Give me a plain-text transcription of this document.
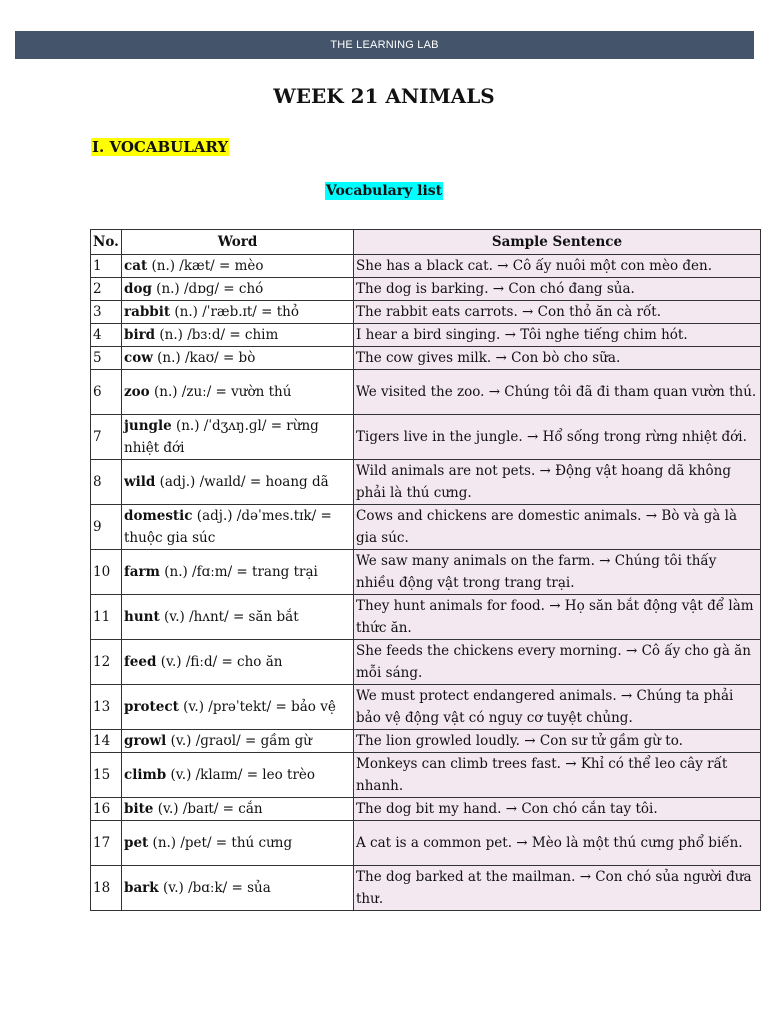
THE LEARNING LAB
WEEK 21 ANIMALS
I. VOCABULARY
Vocabulary list
No.	Word	Sample Sentence
1	cat (n.) /kæt/ = mèo	She has a black cat. → Cô ấy nuôi một con mèo đen.
2	dog (n.) /dɒɡ/ = chó	The dog is barking. → Con chó đang sủa.
3	rabbit (n.) /ˈræb.ɪt/ = thỏ	The rabbit eats carrots. → Con thỏ ăn cà rốt.
4	bird (n.) /bɜːd/ = chim	I hear a bird singing. → Tôi nghe tiếng chim hót.
5	cow (n.) /kaʊ/ = bò	The cow gives milk. → Con bò cho sữa.
6	zoo (n.) /zuː/ = vườn thú	We visited the zoo. → Chúng tôi đã đi tham quan vườn thú.
7	jungle (n.) /ˈdʒʌŋ.ɡl/ = rừng nhiệt đới	Tigers live in the jungle. → Hổ sống trong rừng nhiệt đới.
8	wild (adj.) /waɪld/ = hoang dã	Wild animals are not pets. → Động vật hoang dã không phải là thú cưng.
9	domestic (adj.) /dəˈmes.tɪk/ = thuộc gia súc	Cows and chickens are domestic animals. → Bò và gà là gia súc.
10	farm (n.) /fɑːm/ = trang trại	We saw many animals on the farm. → Chúng tôi thấy nhiều động vật trong trang trại.
11	hunt (v.) /hʌnt/ = săn bắt	They hunt animals for food. → Họ săn bắt động vật để làm thức ăn.
12	feed (v.) /fiːd/ = cho ăn	She feeds the chickens every morning. → Cô ấy cho gà ăn mỗi sáng.
13	protect (v.) /prəˈtekt/ = bảo vệ	We must protect endangered animals. → Chúng ta phải bảo vệ động vật có nguy cơ tuyệt chủng.
14	growl (v.) /ɡraʊl/ = gầm gừ	The lion growled loudly. → Con sư tử gầm gừ to.
15	climb (v.) /klaɪm/ = leo trèo	Monkeys can climb trees fast. → Khỉ có thể leo cây rất nhanh.
16	bite (v.) /baɪt/ = cắn	The dog bit my hand. → Con chó cắn tay tôi.
17	pet (n.) /pet/ = thú cưng	A cat is a common pet. → Mèo là một thú cưng phổ biến.
18	bark (v.) /bɑːk/ = sủa	The dog barked at the mailman. → Con chó sủa người đưa thư.
